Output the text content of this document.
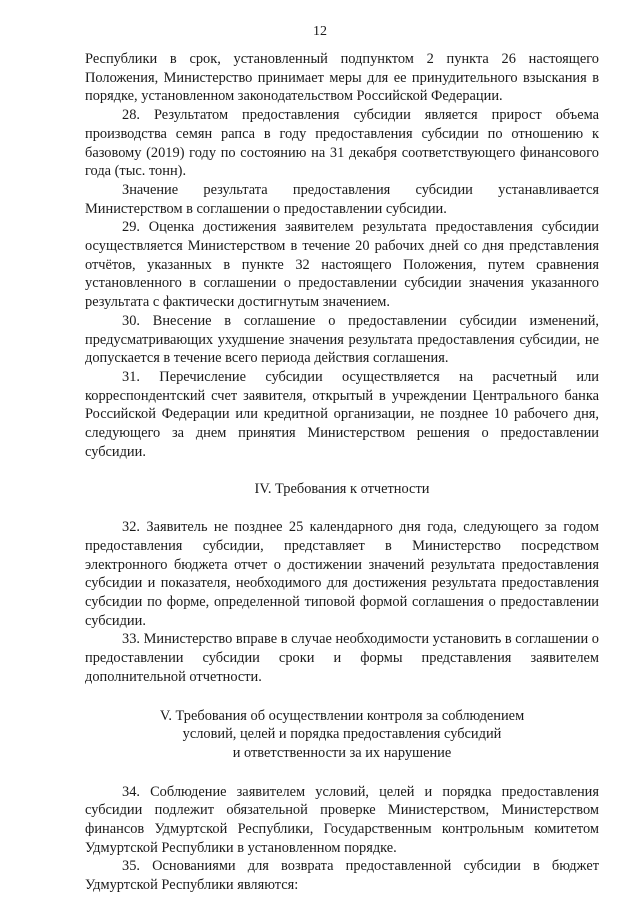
12

Республики в срок, установленный подпунктом 2 пункта 26 настоящего Положения, Министерство принимает меры для ее принудительного взыскания в порядке, установленном законодательством Российской Федерации.

28. Результатом предоставления субсидии является прирост объема производства семян рапса в году предоставления субсидии по отношению к базовому (2019) году по состоянию на 31 декабря соответствующего финансового года (тыс. тонн).

Значение результата предоставления субсидии устанавливается Министерством в соглашении о предоставлении субсидии.

29. Оценка достижения заявителем результата предоставления субсидии осуществляется Министерством в течение 20 рабочих дней со дня представления отчётов, указанных в пункте 32 настоящего Положения, путем сравнения установленного в соглашении о предоставлении субсидии значения указанного результата с фактически достигнутым значением.

30. Внесение в соглашение о предоставлении субсидии изменений, предусматривающих ухудшение значения результата предоставления субсидии, не допускается в течение всего периода действия соглашения.

31. Перечисление субсидии осуществляется на расчетный или корреспондентский счет заявителя, открытый в учреждении Центрального банка Российской Федерации или кредитной организации, не позднее 10 рабочего дня, следующего за днем принятия Министерством решения о предоставлении субсидии.

IV. Требования к отчетности

32. Заявитель не позднее 25 календарного дня года, следующего за годом предоставления субсидии, представляет в Министерство посредством электронного бюджета отчет о достижении значений результата предоставления субсидии и показателя, необходимого для достижения результата предоставления субсидии по форме, определенной типовой формой соглашения о предоставлении субсидии.

33. Министерство вправе в случае необходимости установить в соглашении о предоставлении субсидии сроки и формы представления заявителем дополнительной отчетности.

V. Требования об осуществлении контроля за соблюдением
условий, целей и порядка предоставления субсидий
и ответственности за их нарушение

34. Соблюдение заявителем условий, целей и порядка предоставления субсидии подлежит обязательной проверке Министерством, Министерством финансов Удмуртской Республики, Государственным контрольным комитетом Удмуртской Республики в установленном порядке.

35. Основаниями для возврата предоставленной субсидии в бюджет Удмуртской Республики являются:
